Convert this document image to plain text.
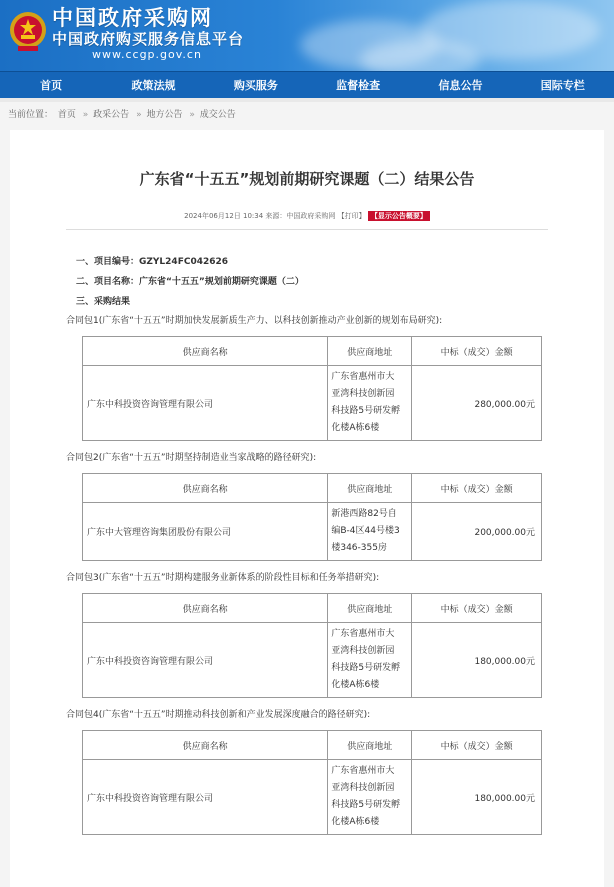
中国政府采购网
中国政府购买服务信息平台
www.ccgp.gov.cn
首页	政策法规	购买服务	监督检查	信息公告	国际专栏
当前位置： 首页 » 政采公告 » 地方公告 » 成交公告
广东省“十五五”规划前期研究课题（二）结果公告
2024年06月12日 10:34 来源：中国政府采购网 【打印】 【显示公告概要】
一、项目编号：GZYL24FC042626
二、项目名称：广东省“十五五”规划前期研究课题（二）
三、采购结果
合同包1(广东省“十五五”时期加快发展新质生产力、以科技创新推动产业创新的规划布局研究):
供应商名称	供应商地址	中标（成交）金额
广东中科投资咨询管理有限公司	广东省惠州市大
亚湾科技创新园
科技路5号研发孵
化楼A栋6楼	280,000.00元
合同包2(广东省“十五五”时期坚持制造业当家战略的路径研究):
供应商名称	供应商地址	中标（成交）金额
广东中大管理咨询集团股份有限公司	新港西路82号自
编B-4区44号楼3
楼346-355房	200,000.00元
合同包3(广东省“十五五”时期构建服务业新体系的阶段性目标和任务举措研究):
供应商名称	供应商地址	中标（成交）金额
广东中科投资咨询管理有限公司	广东省惠州市大
亚湾科技创新园
科技路5号研发孵
化楼A栋6楼	180,000.00元
合同包4(广东省“十五五”时期推动科技创新和产业发展深度融合的路径研究):
供应商名称	供应商地址	中标（成交）金额
广东中科投资咨询管理有限公司	广东省惠州市大
亚湾科技创新园
科技路5号研发孵
化楼A栋6楼	180,000.00元
